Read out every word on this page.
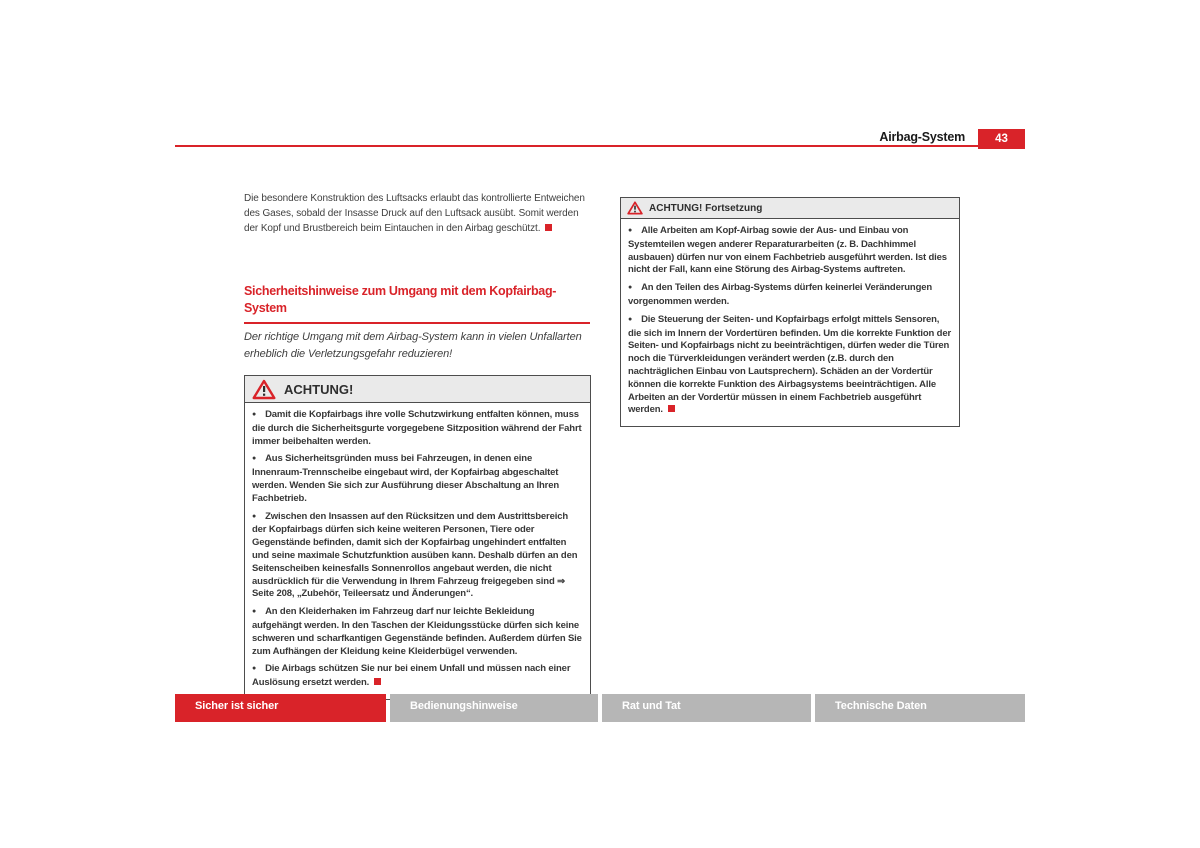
Airbag-System	43

Die besondere Konstruktion des Luftsacks erlaubt das kontrollierte Entweichen des Gases, sobald der Insasse Druck auf den Luftsack ausübt. Somit werden der Kopf und Brustbereich beim Eintauchen in den Airbag geschützt.

Sicherheitshinweise zum Umgang mit dem Kopfairbag-System

Der richtige Umgang mit dem Airbag-System kann in vielen Unfallarten erheblich die Verletzungsgefahr reduzieren!

ACHTUNG!

● Damit die Kopfairbags ihre volle Schutzwirkung entfalten können, muss die durch die Sicherheitsgurte vorgegebene Sitzposition während der Fahrt immer beibehalten werden.

● Aus Sicherheitsgründen muss bei Fahrzeugen, in denen eine Innenraum-Trennscheibe eingebaut wird, der Kopfairbag abgeschaltet werden. Wenden Sie sich zur Ausführung dieser Abschaltung an Ihren Fachbetrieb.

● Zwischen den Insassen auf den Rücksitzen und dem Austrittsbereich der Kopfairbags dürfen sich keine weiteren Personen, Tiere oder Gegenstände befinden, damit sich der Kopfairbag ungehindert entfalten und seine maximale Schutzfunktion ausüben kann. Deshalb dürfen an den Seitenscheiben keinesfalls Sonnenrollos angebaut werden, die nicht ausdrücklich für die Verwendung in Ihrem Fahrzeug freigegeben sind ⇒ Seite 208, „Zubehör, Teileersatz und Änderungen“.

● An den Kleiderhaken im Fahrzeug darf nur leichte Bekleidung aufgehängt werden. In den Taschen der Kleidungsstücke dürfen sich keine schweren und scharfkantigen Gegenstände befinden. Außerdem dürfen Sie zum Aufhängen der Kleidung keine Kleiderbügel verwenden.

● Die Airbags schützen Sie nur bei einem Unfall und müssen nach einer Auslösung ersetzt werden.

ACHTUNG! Fortsetzung

● Alle Arbeiten am Kopf-Airbag sowie der Aus- und Einbau von Systemteilen wegen anderer Reparaturarbeiten (z. B. Dachhimmel ausbauen) dürfen nur von einem Fachbetrieb ausgeführt werden. Ist dies nicht der Fall, kann eine Störung des Airbag-Systems auftreten.

● An den Teilen des Airbag-Systems dürfen keinerlei Veränderungen vorgenommen werden.

● Die Steuerung der Seiten- und Kopfairbags erfolgt mittels Sensoren, die sich im Innern der Vordertüren befinden. Um die korrekte Funktion der Seiten- und Kopfairbags nicht zu beeinträchtigen, dürfen weder die Türen noch die Türverkleidungen verändert werden (z.B. durch den nachträglichen Einbau von Lautsprechern). Schäden an der Vordertür können die korrekte Funktion des Airbagsystems beeinträchtigen. Alle Arbeiten an der Vordertür müssen in einem Fachbetrieb ausgeführt werden.

Sicher ist sicher	Bedienungshinweise	Rat und Tat	Technische Daten
